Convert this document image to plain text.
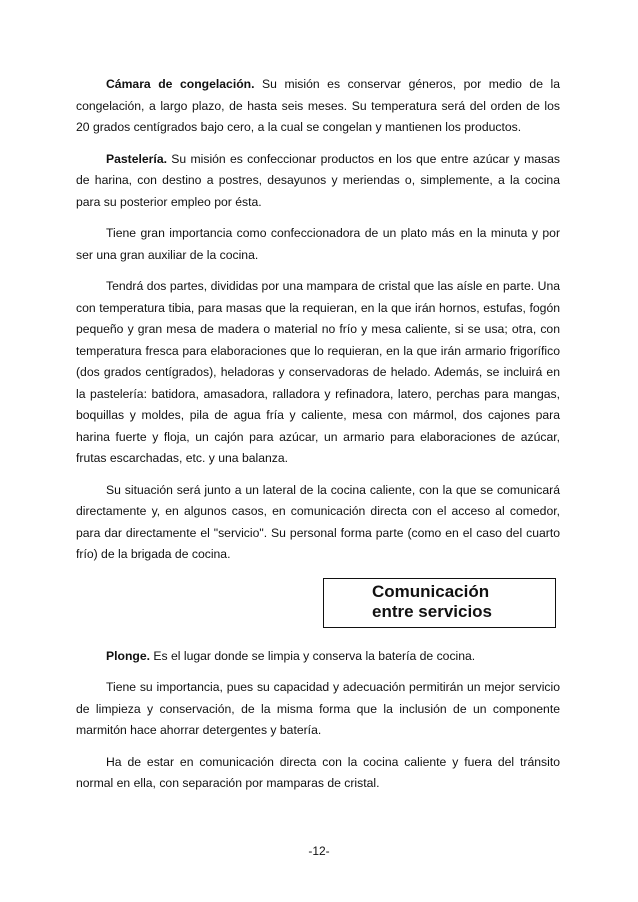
Cámara de congelación. Su misión es conservar géneros, por medio de la congelación, a largo plazo, de hasta seis meses. Su temperatura será del orden de los 20 grados centígrados bajo cero, a la cual se congelan y mantienen los productos.

Pastelería. Su misión es confeccionar productos en los que entre azúcar y masas de harina, con destino a postres, desayunos y meriendas o, simplemente, a la cocina para su posterior empleo por ésta.

Tiene gran importancia como confeccionadora de un plato más en la minuta y por ser una gran auxiliar de la cocina.

Tendrá dos partes, divididas por una mampara de cristal que las aísle en parte. Una con temperatura tibia, para masas que la requieran, en la que irán hornos, estufas, fogón pequeño y gran mesa de madera o material no frío y mesa caliente, si se usa; otra, con temperatura fresca para elaboraciones que lo requieran, en la que irán armario frigorífico (dos grados centígrados), heladoras y conservadoras de helado. Además, se incluirá en la pastelería: batidora, amasadora, ralladora y refinadora, latero, perchas para mangas, boquillas y moldes, pila de agua fría y caliente, mesa con mármol, dos cajones para harina fuerte y floja, un cajón para azúcar, un armario para elaboraciones de azúcar, frutas escarchadas, etc. y una balanza.

Su situación será junto a un lateral de la cocina caliente, con la que se comunicará directamente y, en algunos casos, en comunicación directa con el acceso al comedor, para dar directamente el "servicio". Su personal forma parte (como en el caso del cuarto frío) de la brigada de cocina.

Comunicación
entre servicios

Plonge. Es el lugar donde se limpia y conserva la batería de cocina.

Tiene su importancia, pues su capacidad y adecuación permitirán un mejor servicio de limpieza y conservación, de la misma forma que la inclusión de un componente marmitón hace ahorrar detergentes y batería.

Ha de estar en comunicación directa con la cocina caliente y fuera del tránsito normal en ella, con separación por mamparas de cristal.

-12-
